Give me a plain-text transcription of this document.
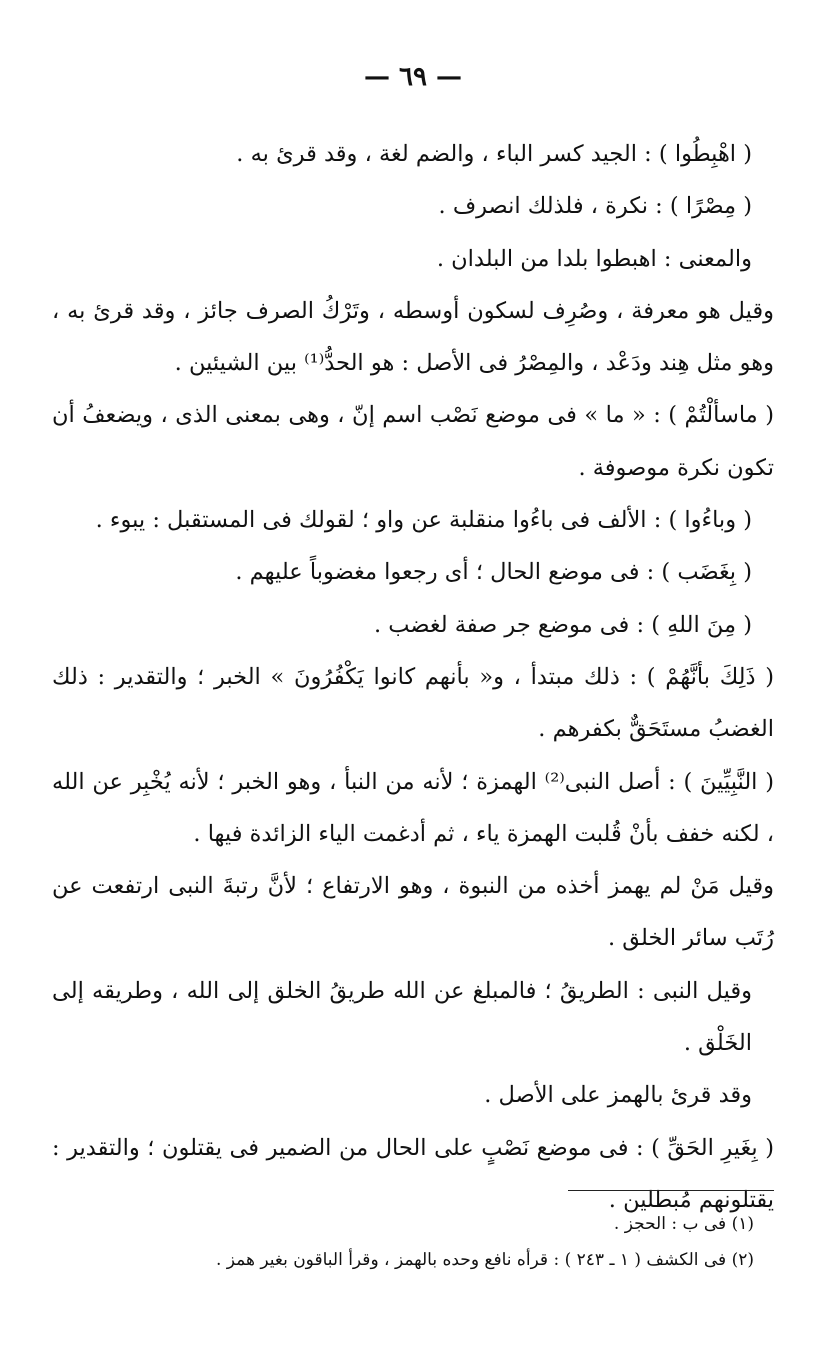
— ٦٩ —

( اهْبِطُوا ) : الجيد كسر الباء ، والضم لغة ، وقد قرئ به .

( مِصْرًا ) : نكرة ، فلذلك انصرف .

والمعنى : اهبطوا بلدا من البلدان .

وقيل هو معرفة ، وصُرِف لسكون أوسطه ، وتَرْكُ الصرف جائز ، وقد قرئ به ، وهو مثل هِند ودَعْد ، والمِصْرُ فى الأصل : هو الحدُّ⁽¹⁾ بين الشيئين .

( ماسألْتُمْ ) : « ما » فى موضع نَصْب اسم إنّ ، وهى بمعنى الذى ، ويضعفُ أن تكون نكرة موصوفة .

( وباءُوا ) : الألف فى باءُوا منقلبة عن واو ؛ لقولك فى المستقبل : يبوء .

( بِغَضَب ) : فى موضع الحال ؛ أى رجعوا مغضوباً عليهم .

( مِنَ اللهِ ) : فى موضع جر صفة لغضب .

( ذَلِكَ بأنَّهُمْ ) : ذلك مبتدأ ، و« بأنهم كانوا يَكْفُرُونَ » الخبر ؛ والتقدير : ذلك الغضبُ مستَحَقٌّ بكفرهم .

( النَّبِيِّينَ ) : أصل النبى⁽²⁾ الهمزة ؛ لأنه من النبأ ، وهو الخبر ؛ لأنه يُخْبِر عن الله ، لكنه خفف بأنْ قُلبت الهمزة ياء ، ثم أدغمت الياء الزائدة فيها .

وقيل مَنْ لم يهمز أخذه من النبوة ، وهو الارتفاع ؛ لأنَّ رتبةَ النبى ارتفعت عن رُتَب سائر الخلق .

وقيل النبى : الطريقُ ؛ فالمبلغ عن الله طريقُ الخلق إلى الله ، وطريقه إلى الخَلْق .

وقد قرئ بالهمز على الأصل .

( بِغَيرِ الحَقِّ ) : فى موضع نَصْبٍ على الحال من الضمير فى يقتلون ؛ والتقدير : يقتلونهم مُبطلين .

(١) فى ب : الحجز .

(٢) فى الكشف ( ١ ـ ٢٤٣ ) : قرأه نافع وحده بالهمز ، وقرأ الباقون بغير همز .
